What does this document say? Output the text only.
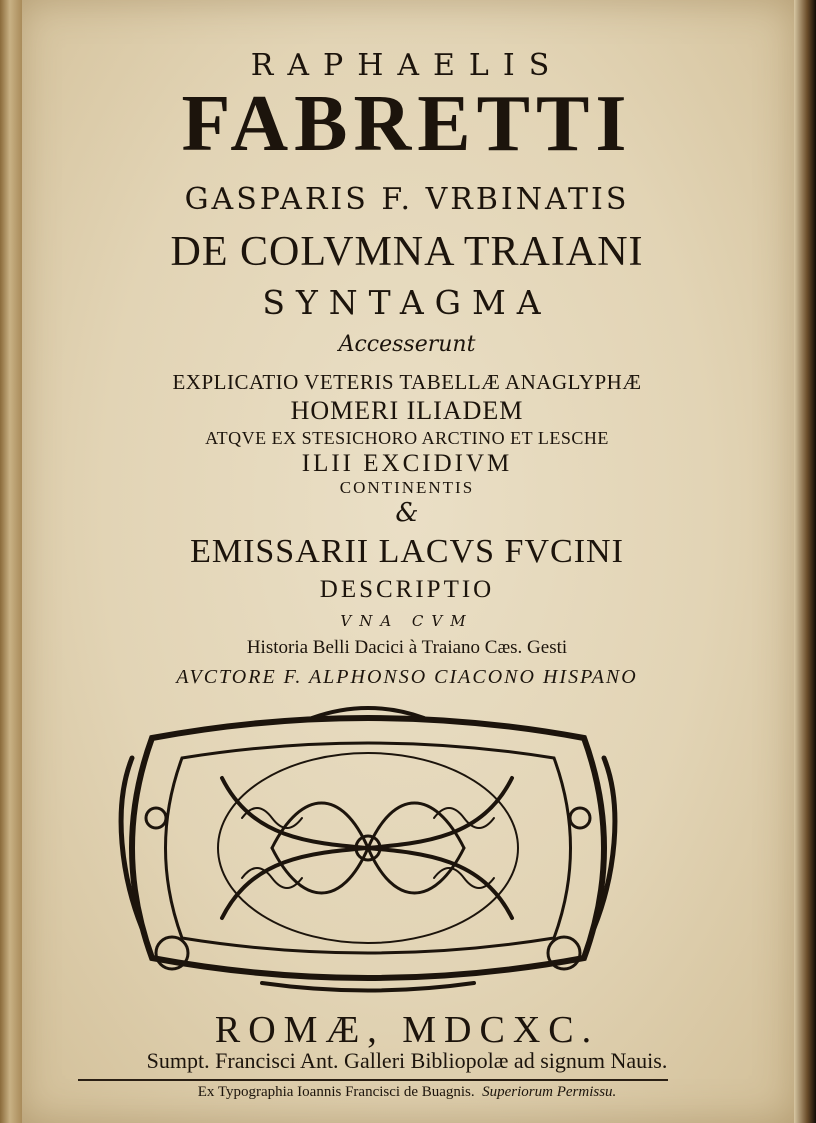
RAPHAELIS
FABRETTI
GASPARIS F. VRBINATIS
DE COLVMNA TRAIANI
SYNTAGMA
Accesserunt
EXPLICATIO VETERIS TABELLÆ ANAGLYPHÆ
HOMERI ILIADEM
ATQVE EX STESICHORO ARCTINO ET LESCHE
ILII EXCIDIVM
CONTINENTIS
&
EMISSARII LACVS FVCINI
DESCRIPTIO
VNA CVM
Historia Belli Dacici à Traiano Cæs. Gesti
AVCTORE F. ALPHONSO CIACONO HISPANO
ROMÆ, MDCXC.
Sumpt. Francisci Ant. Galleri Bibliopolæ ad signum Nauis.
Ex Typographia Ioannis Francisci de Buagnis. Superiorum Permissu.
